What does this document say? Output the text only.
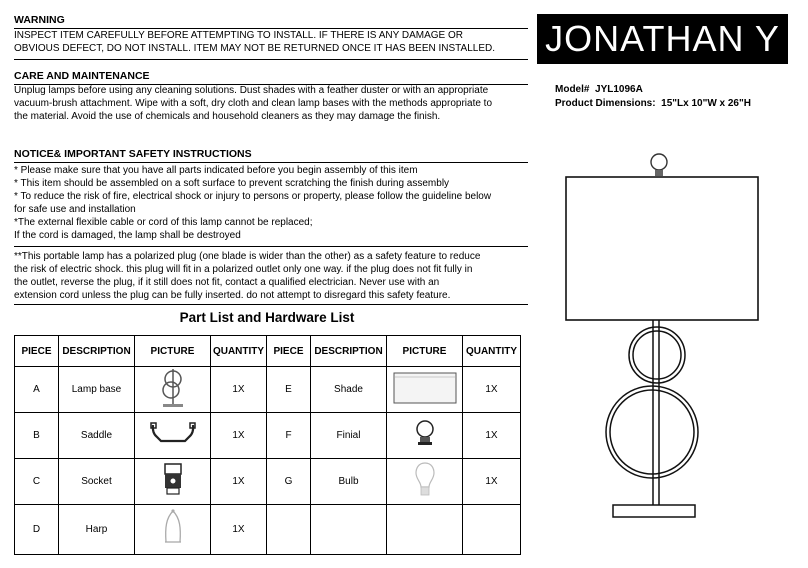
WARNING
INSPECT ITEM CAREFULLY BEFORE ATTEMPTING TO INSTALL. IF THERE IS ANY DAMAGE OR
OBVIOUS DEFECT, DO NOT INSTALL. ITEM MAY NOT BE RETURNED ONCE IT HAS BEEN INSTALLED.
CARE AND MAINTENANCE
Unplug lamps before using any cleaning solutions. Dust shades with a feather duster or with an appropriate
vacuum-brush attachment. Wipe with a soft, dry cloth and clean lamp bases with the methods appropriate to
the material. Avoid the use of chemicals and household cleaners as they may damage the finish.
NOTICE& IMPORTANT SAFETY INSTRUCTIONS
* Please make sure that you have all parts indicated before you begin assembly of this item
* This item should be assembled on a soft surface to prevent scratching the finish during assembly
* To reduce the risk of fire, electrical shock or injury to persons or property, please follow the guideline below
for safe use and installation
*The external flexible cable or cord of this lamp cannot be replaced;
If the cord is damaged, the lamp shall be destroyed
**This portable lamp has a polarized plug (one blade is wider than the other) as a safety feature to reduce
the risk of electric shock. this plug will fit in a polarized outlet only one way. if the plug does not fit fully in
the outlet, reverse the plug, if it still does not fit, contact a qualified electrician. Never use with an
extension cord unless the plug can be fully inserted. do not attempt to disregard this safety feature.
JONATHAN Y
Model# JYL1096A
Product Dimensions: 15"Lx 10"W x 26"H
Part List and Hardware List
PIECE	DESCRIPTION	PICTURE	QUANTITY	PIECE	DESCRIPTION	PICTURE	QUANTITY
A	Lamp base		1X	E	Shade		1X
B	Saddle		1X	F	Finial		1X
C	Socket		1X	G	Bulb		1X
D	Harp		1X				
